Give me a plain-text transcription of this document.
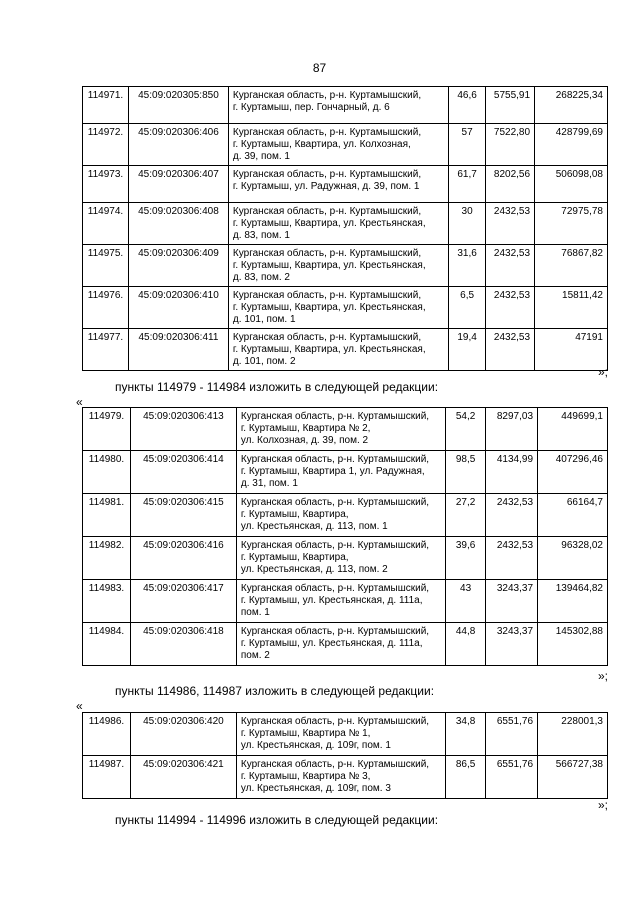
87
114971.	45:09:020305:850	Курганская область, р-н. Куртамышский,
г. Куртамыш, пер. Гончарный, д. 6	46,6	5755,91	268225,34
114972.	45:09:020306:406	Курганская область, р-н. Куртамышский,
г. Куртамыш, Квартира, ул. Колхозная,
д. 39, пом. 1	57	7522,80	428799,69
114973.	45:09:020306:407	Курганская область, р-н. Куртамышский,
г. Куртамыш, ул. Радужная, д. 39, пом. 1	61,7	8202,56	506098,08
114974.	45:09:020306:408	Курганская область, р-н. Куртамышский,
г. Куртамыш, Квартира, ул. Крестьянская,
д. 83, пом. 1	30	2432,53	72975,78
114975.	45:09:020306:409	Курганская область, р-н. Куртамышский,
г. Куртамыш, Квартира, ул. Крестьянская,
д. 83, пом. 2	31,6	2432,53	76867,82
114976.	45:09:020306:410	Курганская область, р-н. Куртамышский,
г. Куртамыш, Квартира, ул. Крестьянская,
д. 101, пом. 1	6,5	2432,53	15811,42
114977.	45:09:020306:411	Курганская область, р-н. Куртамышский,
г. Куртамыш, Квартира, ул. Крестьянская,
д. 101, пом. 2	19,4	2432,53	47191
»;
пункты 114979 - 114984 изложить в следующей редакции:
«
114979.	45:09:020306:413	Курганская область, р-н. Куртамышский,
г. Куртамыш, Квартира № 2,
ул. Колхозная, д. 39, пом. 2	54,2	8297,03	449699,1
114980.	45:09:020306:414	Курганская область, р-н. Куртамышский,
г. Куртамыш, Квартира 1, ул. Радужная,
д. 31, пом. 1	98,5	4134,99	407296,46
114981.	45:09:020306:415	Курганская область, р-н. Куртамышский,
г. Куртамыш, Квартира,
ул. Крестьянская, д. 113, пом. 1	27,2	2432,53	66164,7
114982.	45:09:020306:416	Курганская область, р-н. Куртамышский,
г. Куртамыш, Квартира,
ул. Крестьянская, д. 113, пом. 2	39,6	2432,53	96328,02
114983.	45:09:020306:417	Курганская область, р-н. Куртамышский,
г. Куртамыш, ул. Крестьянская, д. 111а,
пом. 1	43	3243,37	139464,82
114984.	45:09:020306:418	Курганская область, р-н. Куртамышский,
г. Куртамыш, ул. Крестьянская, д. 111а,
пом. 2	44,8	3243,37	145302,88
»;
пункты 114986, 114987 изложить в следующей редакции:
«
114986.	45:09:020306:420	Курганская область, р-н. Куртамышский,
г. Куртамыш, Квартира № 1,
ул. Крестьянская, д. 109г, пом. 1	34,8	6551,76	228001,3
114987.	45:09:020306:421	Курганская область, р-н. Куртамышский,
г. Куртамыш, Квартира № 3,
ул. Крестьянская, д. 109г, пом. 3	86,5	6551,76	566727,38
»;
пункты 114994 - 114996 изложить в следующей редакции:
